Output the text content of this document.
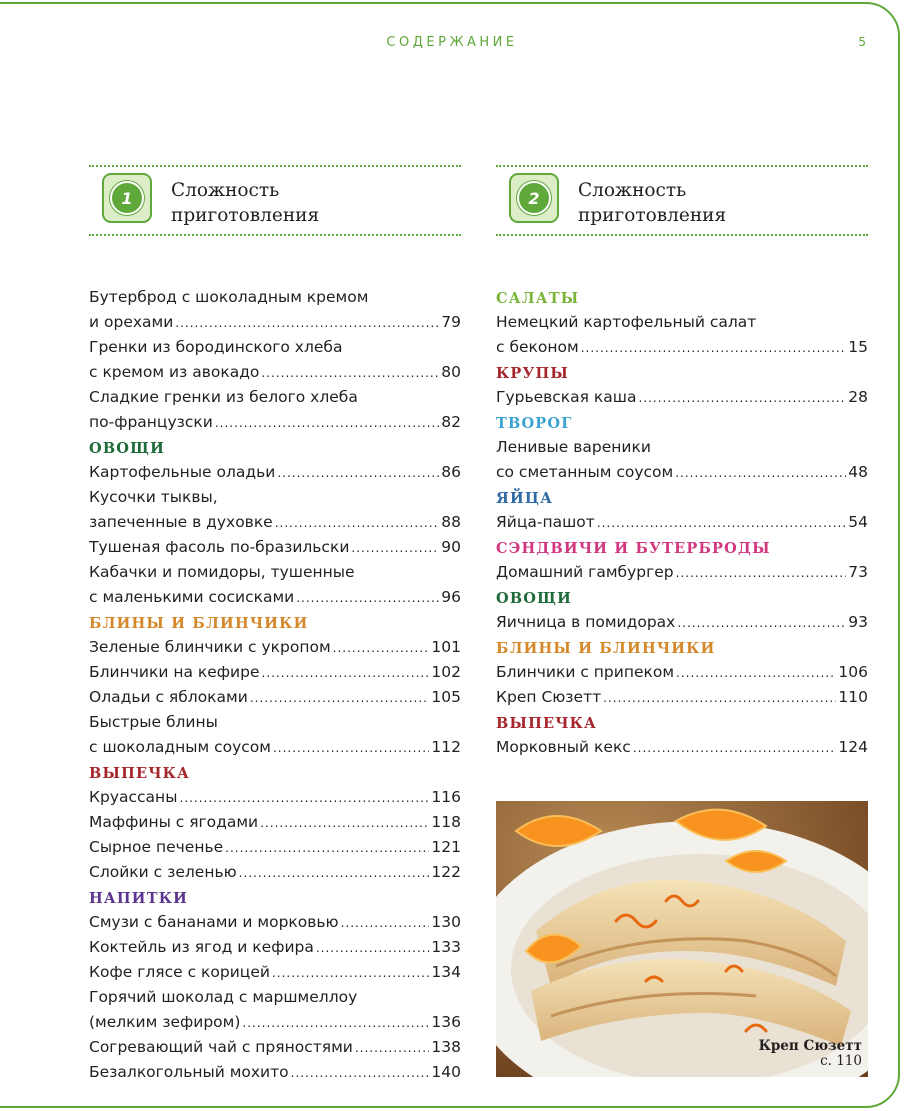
СОДЕРЖАНИЕ	5
1	Сложность
приготовления
Бутерброд с шоколадным кремом
и орехами .....	79
Гренки из бородинского хлеба
с кремом из авокадо .....	80
Сладкие гренки из белого хлеба
по-французски .....	82
ОВОЩИ
Картофельные оладьи .....	86
Кусочки тыквы,
запеченные в духовке .....	88
Тушеная фасоль по-бразильски .....	90
Кабачки и помидоры, тушенные
с маленькими сосисками .....	96
БЛИНЫ И БЛИНЧИКИ
Зеленые блинчики с укропом .....	101
Блинчики на кефире .....	102
Оладьи с яблоками .....	105
Быстрые блины
с шоколадным соусом .....	112
ВЫПЕЧКА
Круассаны .....	116
Маффины с ягодами .....	118
Сырное печенье .....	121
Слойки с зеленью .....	122
НАПИТКИ
Смузи с бананами и морковью .....	130
Коктейль из ягод и кефира .....	133
Кофе глясе с корицей .....	134
Горячий шоколад с маршмеллоу
(мелким зефиром) .....	136
Согревающий чай с пряностями .....	138
Безалкогольный мохито .....	140
2	Сложность
приготовления
САЛАТЫ
Немецкий картофельный салат
с беконом .....	15
КРУПЫ
Гурьевская каша .....	28
ТВОРОГ
Ленивые вареники
со сметанным соусом .....	48
ЯЙЦА
Яйца-пашот .....	54
СЭНДВИЧИ И БУТЕРБРОДЫ
Домашний гамбургер .....	73
ОВОЩИ
Яичница в помидорах .....	93
БЛИНЫ И БЛИНЧИКИ
Блинчики с припеком .....	106
Креп Сюзетт .....	110
ВЫПЕЧКА
Морковный кекс .....	124
Креп Сюзетт
с. 110
